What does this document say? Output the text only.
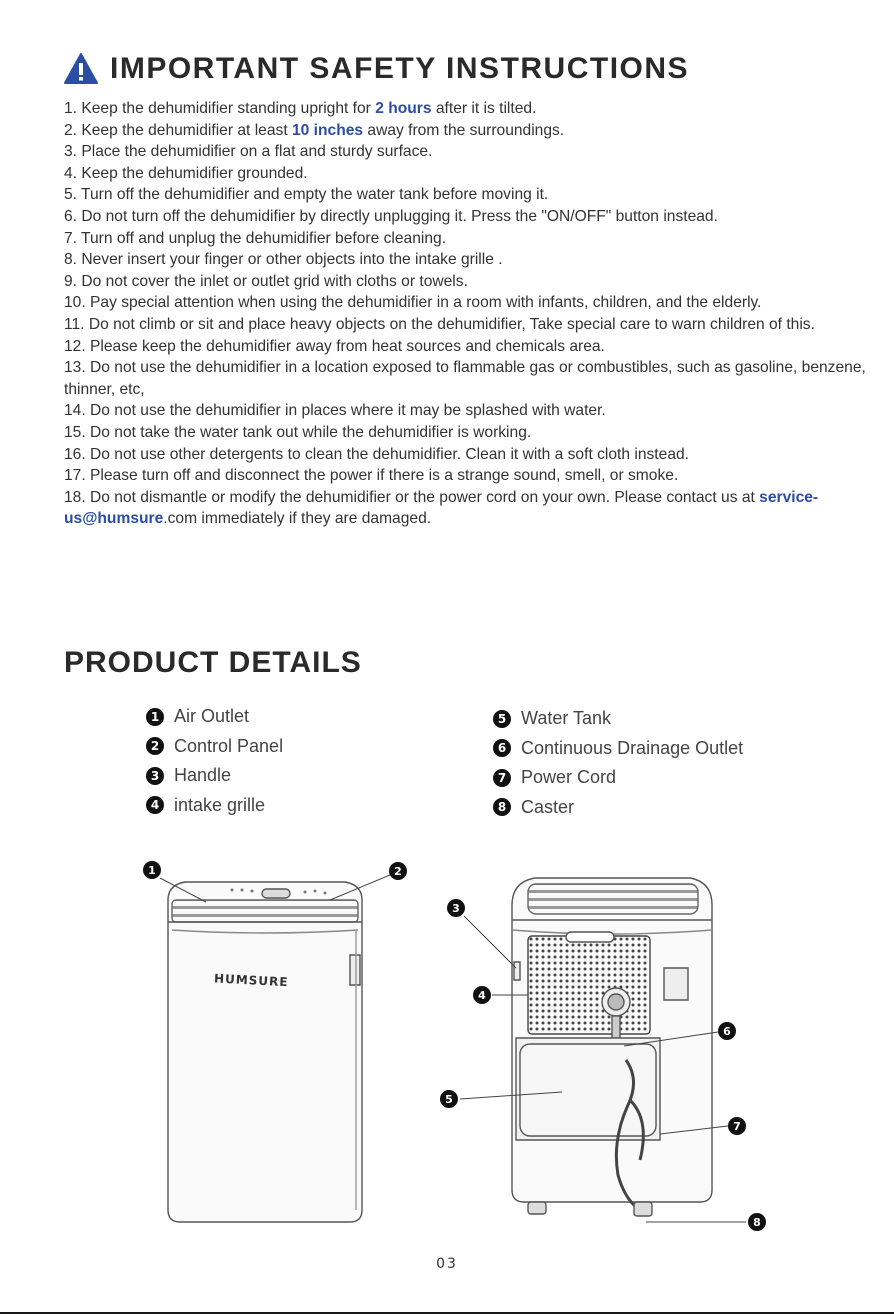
IMPORTANT SAFETY INSTRUCTIONS
1. Keep the dehumidifier standing upright for 2 hours after it is tilted.
2. Keep the dehumidifier at least 10 inches away from the surroundings.
3. Place the dehumidifier on a flat and sturdy surface.
4. Keep the dehumidifier grounded.
5. Turn off the dehumidifier and empty the water tank before moving it.
6. Do not turn off the dehumidifier by directly unplugging it. Press the "ON/OFF" button instead.
7. Turn off and unplug the dehumidifier before cleaning.
8. Never insert your finger or other objects into the intake grille .
9. Do not cover the inlet or outlet grid with cloths or towels.
10. Pay special attention when using the dehumidifier in a room with infants, children, and the elderly.
11. Do not climb or sit and place heavy objects on the dehumidifier, Take special care to warn children of this.
12. Please keep the dehumidifier away from heat sources and chemicals area.
13. Do not use the dehumidifier in a location exposed to flammable gas or combustibles, such as gasoline, benzene, thinner, etc,
14. Do not use the dehumidifier in places where it may be splashed with water.
15. Do not take the water tank out while the dehumidifier is working.
16. Do not use other detergents to clean the dehumidifier. Clean it with a soft cloth instead.
17. Please turn off and disconnect the power if there is a strange sound, smell, or smoke.
18. Do not dismantle or modify the dehumidifier or the power cord on your own. Please contact us at service-us@humsure.com immediately if they are damaged.
PRODUCT DETAILS
1 Air Outlet
2 Control Panel
3 Handle
4 intake grille
5 Water Tank
6 Continuous Drainage Outlet
7 Power Cord
8 Caster
HUMSURE
1	2
3
4
5
6
7
8
03
